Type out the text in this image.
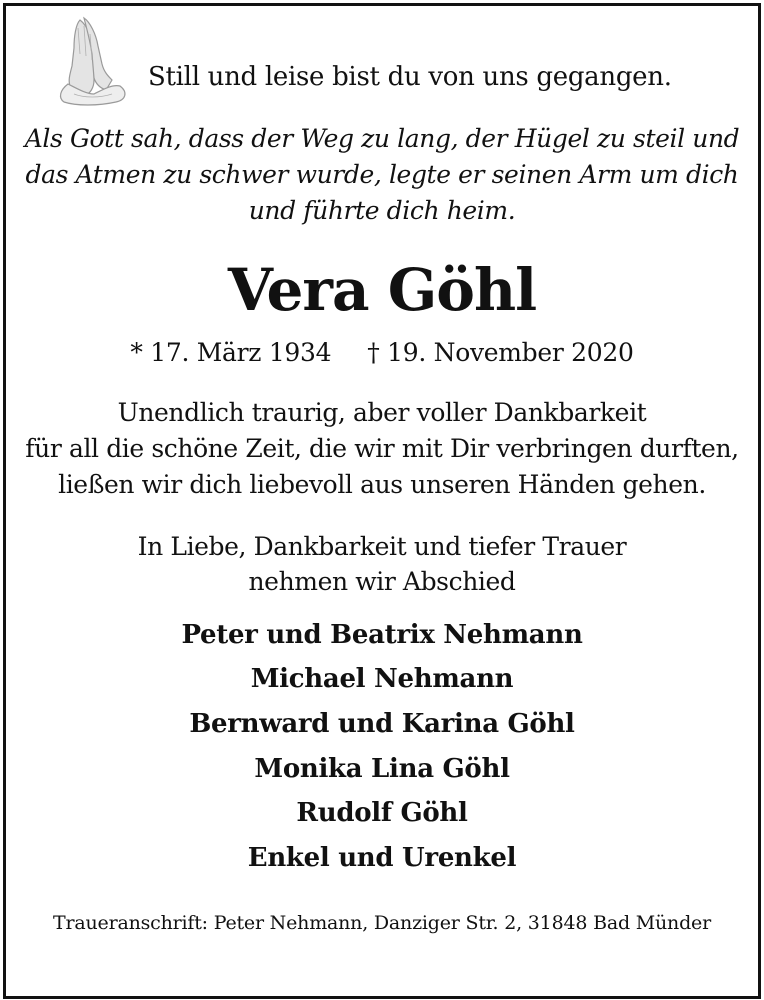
Still und leise bist du von uns gegangen.
Als Gott sah, dass der Weg zu lang, der Hügel zu steil und
das Atmen zu schwer wurde, legte er seinen Arm um dich
und führte dich heim.
Vera Göhl
* 17. März 1934 † 19. November 2020
Unendlich traurig, aber voller Dankbarkeit
für all die schöne Zeit, die wir mit Dir verbringen durften,
ließen wir dich liebevoll aus unseren Händen gehen.
In Liebe, Dankbarkeit und tiefer Trauer
nehmen wir Abschied
Peter und Beatrix Nehmann
Michael Nehmann
Bernward und Karina Göhl
Monika Lina Göhl
Rudolf Göhl
Enkel und Urenkel
Traueranschrift: Peter Nehmann, Danziger Str. 2, 31848 Bad Münder
